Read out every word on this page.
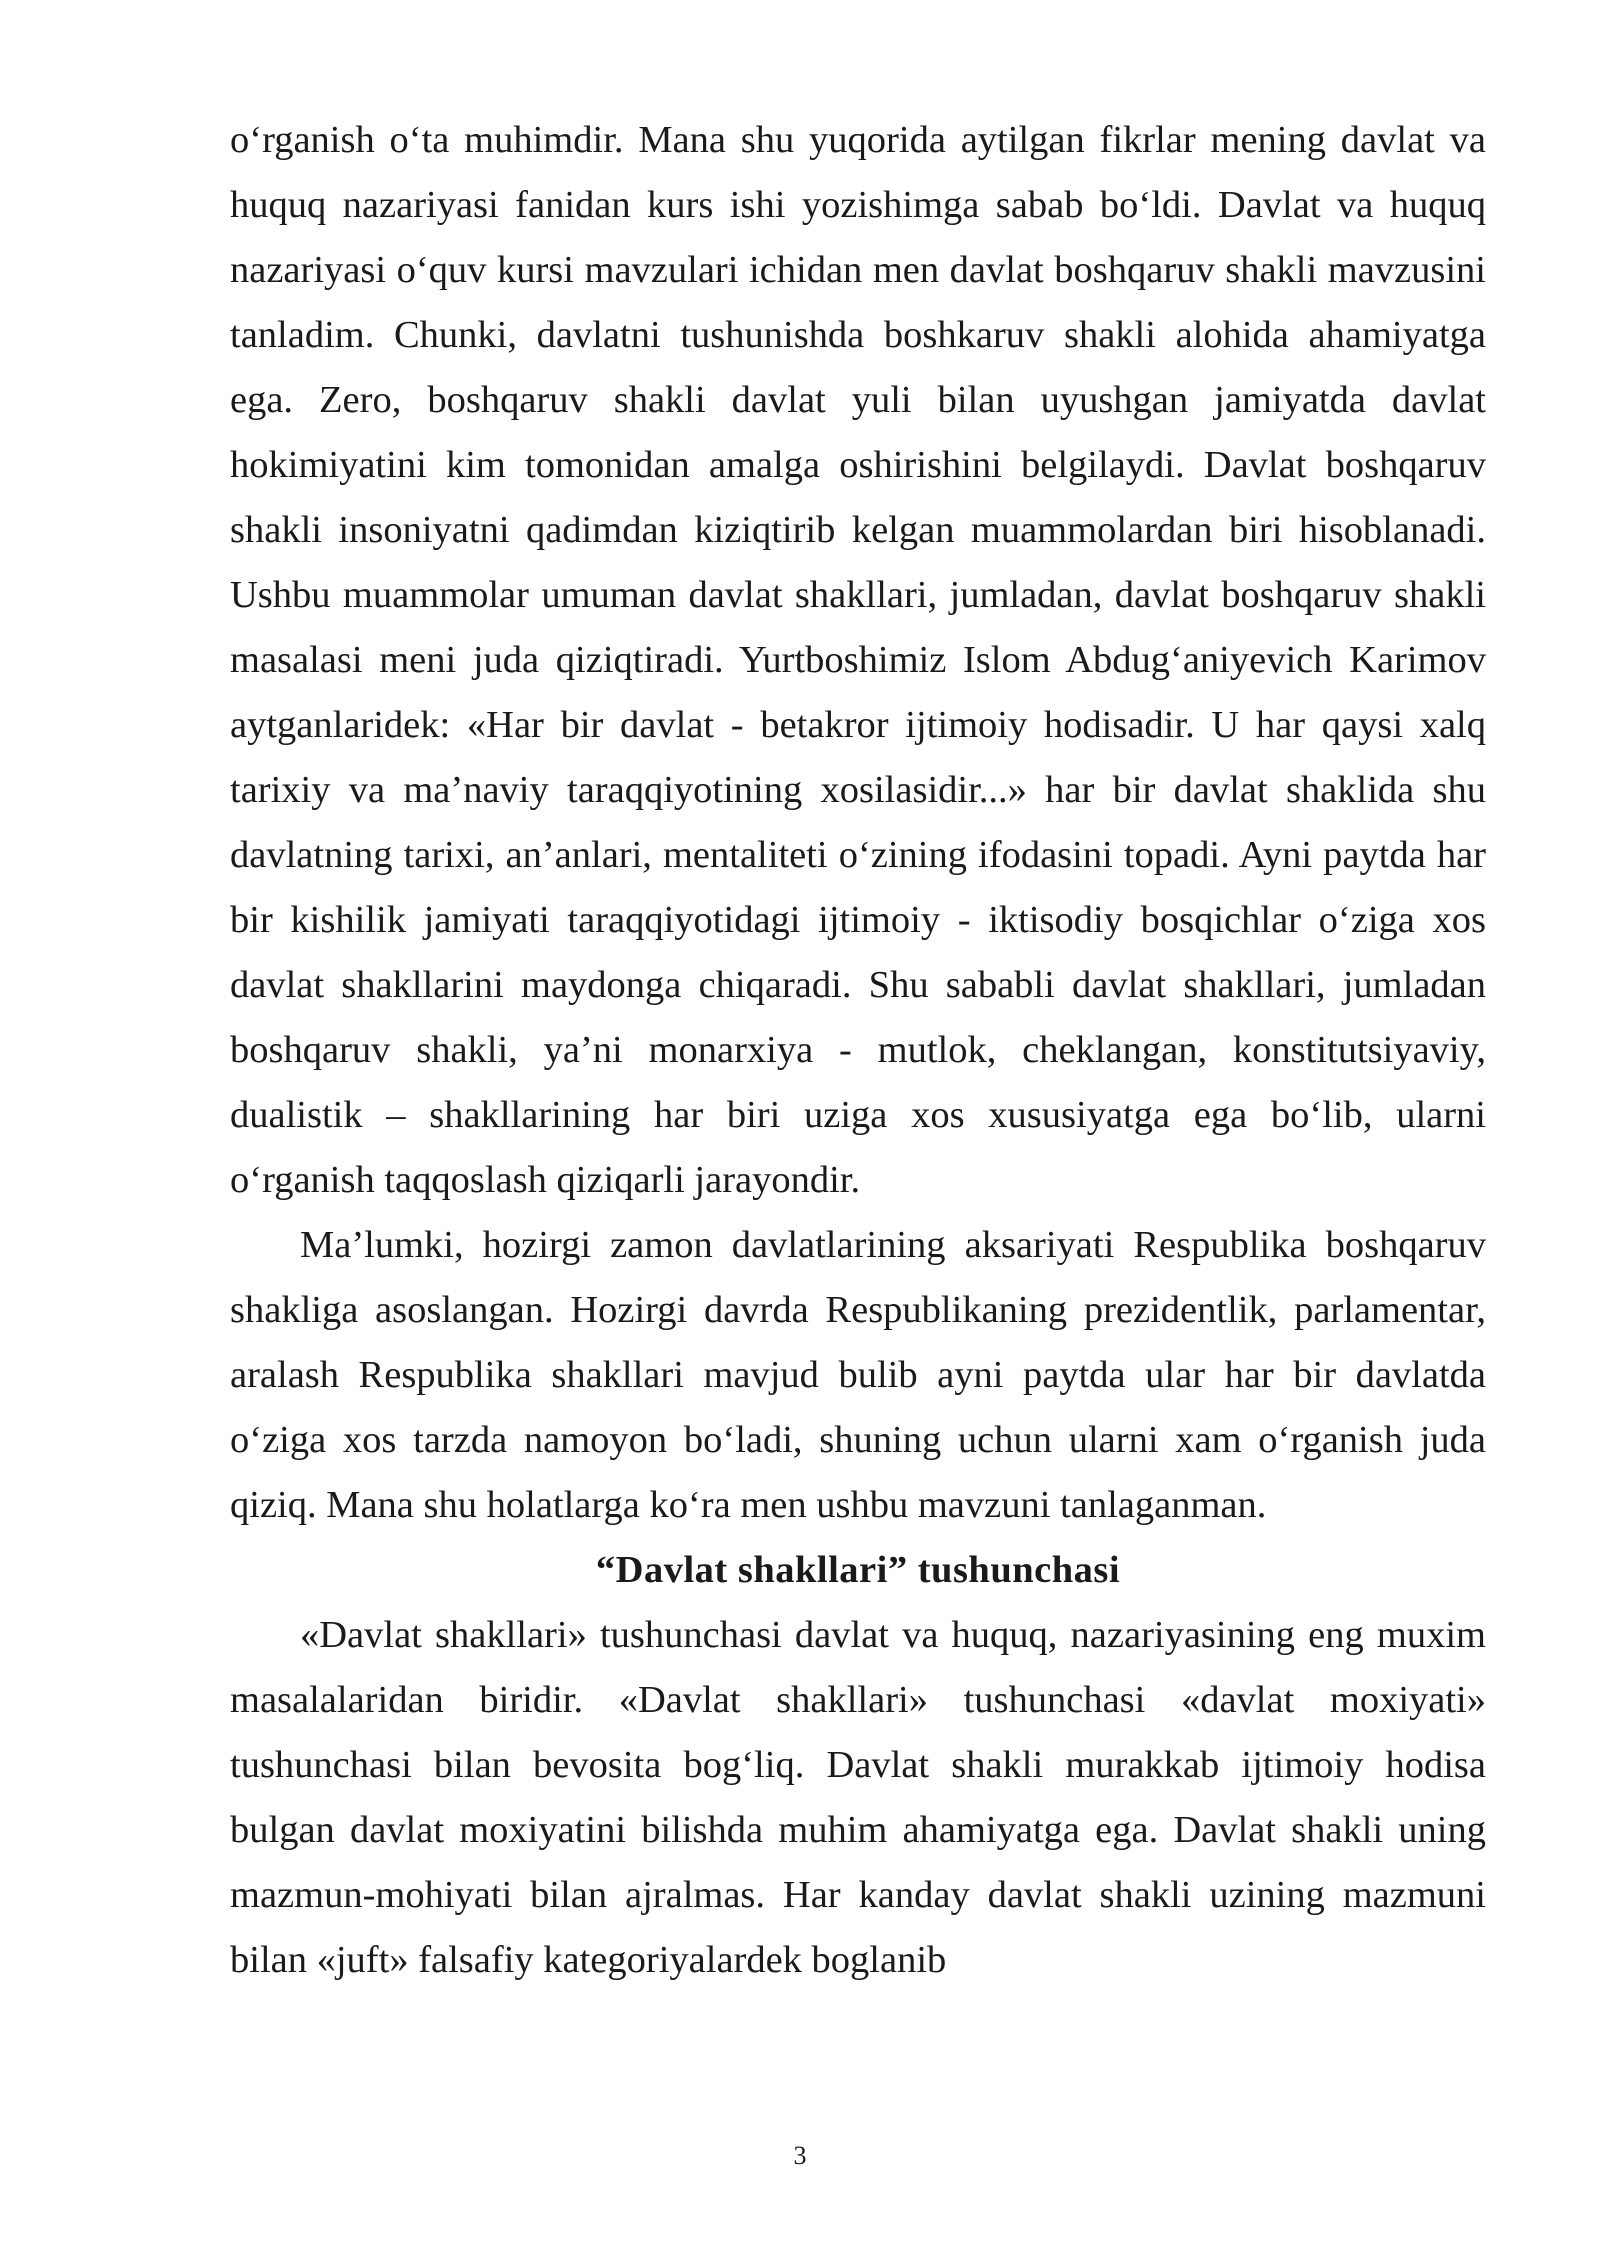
o‘rganish o‘ta muhimdir. Mana shu yuqorida aytilgan fikrlar mening davlat va huquq nazariyasi fanidan kurs ishi yozishimga sabab bo‘ldi. Davlat va huquq nazariyasi o‘quv kursi mavzulari ichidan men davlat boshqaruv shakli mavzusini tanladim. Chunki, davlatni tushunishda boshkaruv shakli alohida ahamiyatga ega. Zero, boshqaruv shakli davlat yuli bilan uyushgan jamiyatda davlat hokimiyatini kim tomonidan amalga oshirishini belgilaydi. Davlat boshqaruv shakli insoniyatni qadimdan kiziqtirib kelgan muammolardan biri hisoblanadi. Ushbu muammolar umuman davlat shakllari, jumladan, davlat boshqaruv shakli masalasi meni juda qiziqtiradi. Yurtboshimiz Islom Abdug‘aniyevich Karimov aytganlaridek: «Har bir davlat - betakror ijtimoiy hodisadir. U har qaysi xalq tarixiy va ma’naviy taraqqiyotining xosilasidir...» har bir davlat shaklida shu davlatning tarixi, an’anlari, mentaliteti o‘zining ifodasini topadi. Ayni paytda har bir kishilik jamiyati taraqqiyotidagi ijtimoiy - iktisodiy bosqichlar o‘ziga xos davlat shakllarini maydonga chiqaradi. Shu sababli davlat shakllari, jumladan boshqaruv shakli, ya’ni monarxiya - mutlok, cheklangan, konstitutsiyaviy, dualistik – shakllarining har biri uziga xos xususiyatga ega bo‘lib, ularni o‘rganish taqqoslash qiziqarli jarayondir.

Ma’lumki, hozirgi zamon davlatlarining aksariyati Respublika boshqaruv shakliga asoslangan. Hozirgi davrda Respublikaning prezidentlik, parlamentar, aralash Respublika shakllari mavjud bulib ayni paytda ular har bir davlatda o‘ziga xos tarzda namoyon bo‘ladi, shuning uchun ularni xam o‘rganish juda qiziq. Mana shu holatlarga ko‘ra men ushbu mavzuni tanlaganman.

“Davlat shakllari” tushunchasi

«Davlat shakllari» tushunchasi davlat va huquq, nazariyasining eng muxim masalalaridan biridir. «Davlat shakllari» tushunchasi «davlat moxiyati» tushunchasi bilan bevosita bog‘liq. Davlat shakli murakkab ijtimoiy hodisa bulgan davlat moxiyatini bilishda muhim ahamiyatga ega. Davlat shakli uning mazmun-mohiyati bilan ajralmas. Har kanday davlat shakli uzining mazmuni bilan «juft» falsafiy kategoriyalardek boglanib

3
